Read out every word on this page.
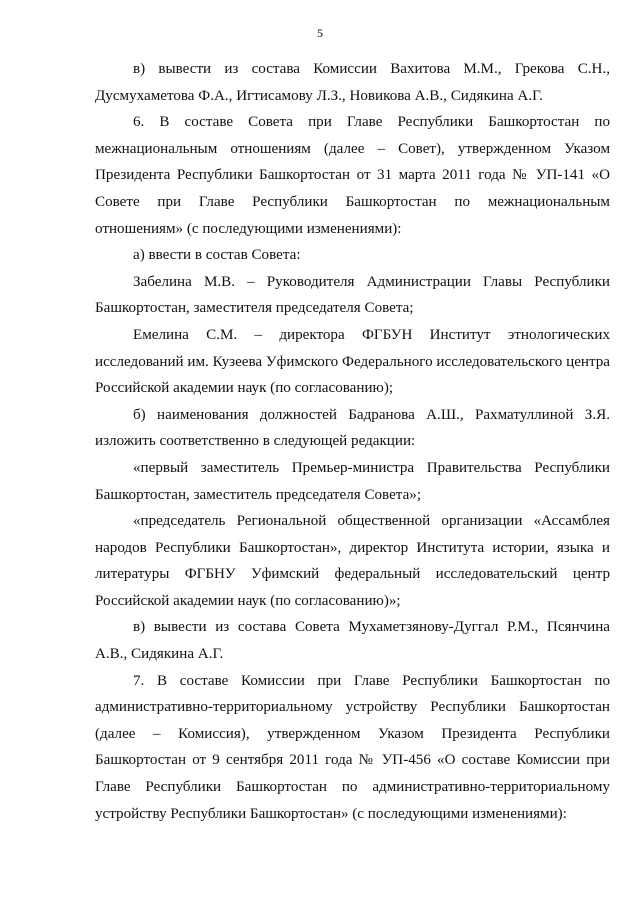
5

в) вывести из состава Комиссии Вахитова М.М., Грекова С.Н., Дусмухаметова Ф.А., Игтисамову Л.З., Новикова А.В., Сидякина А.Г.

6. В составе Совета при Главе Республики Башкортостан по межнациональным отношениям (далее – Совет), утвержденном Указом Президента Республики Башкортостан от 31 марта 2011 года № УП-141 «О Совете при Главе Республики Башкортостан по межнациональным отношениям» (с последующими изменениями):

а) ввести в состав Совета:

Забелина М.В. – Руководителя Администрации Главы Республики Башкортостан, заместителя председателя Совета;

Емелина С.М. – директора ФГБУН Институт этнологических исследований им. Кузеева Уфимского Федерального исследовательского центра Российской академии наук (по согласованию);

б) наименования должностей Бадранова А.Ш., Рахматуллиной З.Я. изложить соответственно в следующей редакции:

«первый заместитель Премьер-министра Правительства Республики Башкортостан, заместитель председателя Совета»;

«председатель Региональной общественной организации «Ассамблея народов Республики Башкортостан», директор Института истории, языка и литературы ФГБНУ Уфимский федеральный исследовательский центр Российской академии наук (по согласованию)»;

в) вывести из состава Совета Мухаметзянову-Дуггал Р.М., Псянчина А.В., Сидякина А.Г.

7. В составе Комиссии при Главе Республики Башкортостан по административно-территориальному устройству Республики Башкортостан (далее – Комиссия), утвержденном Указом Президента Республики Башкортостан от 9 сентября 2011 года № УП-456 «О составе Комиссии при Главе Республики Башкортостан по административно-территориальному устройству Республики Башкортостан» (с последующими изменениями):
